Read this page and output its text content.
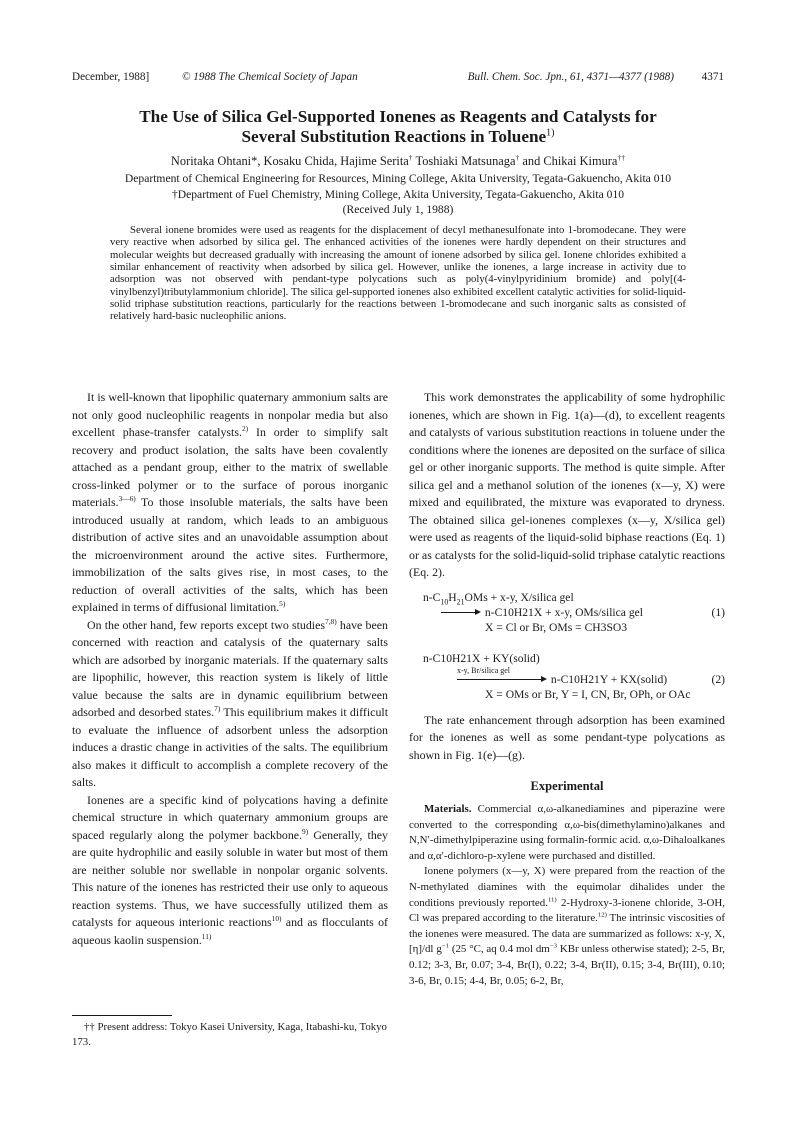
December, 1988]	© 1988 The Chemical Society of Japan	Bull. Chem. Soc. Jpn., 61, 4371—4377 (1988) 4371
The Use of Silica Gel-Supported Ionenes as Reagents and Catalysts for
Several Substitution Reactions in Toluene$^{1)}$
Noritaka Ohtani*, Kosaku Chida, Hajime Serita† Toshiaki Matsunaga† and Chikai Kimura††
Department of Chemical Engineering for Resources, Mining College, Akita University, Tegata-Gakuencho, Akita 010
†Department of Fuel Chemistry, Mining College, Akita University, Tegata-Gakuencho, Akita 010
(Received July 1, 1988)

Several ionene bromides were used as reagents for the displacement of decyl methanesulfonate into 1-bromodecane. They were very reactive when adsorbed by silica gel. The enhanced activities of the ionenes were hardly dependent on their structures and molecular weights but decreased gradually with increasing the amount of ionene adsorbed by silica gel. Ionene chlorides exhibited a similar enhancement of reactivity when adsorbed by silica gel. However, unlike the ionenes, a large increase in activity due to adsorption was not observed with pendant-type polycations such as poly(4-vinylpyridinium bromide) and poly[(4-vinylbenzyl)tributylammonium chloride]. The silica gel-supported ionenes also exhibited excellent catalytic activities for solid-liquid-solid triphase substitution reactions, particularly for the reactions between 1-bromodecane and such inorganic salts as consisted of relatively hard-basic nucleophilic anions.

It is well-known that lipophilic quaternary ammonium salts are not only good nucleophilic reagents in nonpolar media but also excellent phase-transfer catalysts.$^{2)}$ In order to simplify salt recovery and product isolation, the salts have been covalently attached as a pendant group, either to the matrix of swellable cross-linked polymer or to the surface of porous inorganic materials.$^{3—6)}$ To those insoluble materials, the salts have been introduced usually at random, which leads to an ambiguous distribution of active sites and an unavoidable assumption about the microenvironment around the active sites. Furthermore, immobilization of the salts gives rise, in most cases, to the reduction of overall activities of the salts, which has been explained in terms of diffusional limitation.$^{5)}$

On the other hand, few reports except two studies$^{7,8)}$ have been concerned with reaction and catalysis of the quaternary salts which are adsorbed by inorganic materials. If the quaternary salts are lipophilic, however, this reaction system is likely of little value because the salts are in dynamic equilibrium between adsorbed and desorbed states.$^{7)}$ This equilibrium makes it difficult to evaluate the influence of adsorbent unless the adsorption induces a drastic change in activities of the salts. The equilibrium also makes it difficult to accomplish a complete recovery of the salts.

Ionenes are a specific kind of polycations having a definite chemical structure in which quaternary ammonium groups are spaced regularly along the polymer backbone.$^{9)}$ Generally, they are quite hydrophilic and easily soluble in water but most of them are neither soluble nor swellable in nonpolar organic solvents. This nature of the ionenes has restricted their use only to aqueous reaction systems. Thus, we have successfully utilized them as catalysts for aqueous interionic reactions$^{10)}$ and as flocculants of aqueous kaolin suspension.$^{11)}$

†† Present address: Tokyo Kasei University, Kaga, Itabashi-ku, Tokyo 173.

This work demonstrates the applicability of some hydrophilic ionenes, which are shown in Fig. 1(a)—(d), to excellent reagents and catalysts of various substitution reactions in toluene under the conditions where the ionenes are deposited on the surface of silica gel or other inorganic supports. The method is quite simple. After silica gel and a methanol solution of the ionenes (x—y, X) were mixed and equilibrated, the mixture was evaporated to dryness. The obtained silica gel-ionenes complexes (x—y, X/silica gel) were used as reagents of the liquid-solid biphase reactions (Eq. 1) or as catalysts for the solid-liquid-solid triphase catalytic reactions (Eq. 2).

$n-C_{10}H_{21}OMs + x-y$, X/silica gel
→ n-C10H21X + x-y, OMs/silica gel	(1)
X = Cl or Br, OMs = CH3SO3
n-C10H21X + KY(solid)
x-y, Br/silica gel
n-C10H21Y + KX(solid)	(2)
X = OMs or Br, Y = I, CN, Br, OPh, or OAc

The rate enhancement through adsorption has been examined for the ionenes as well as some pendant-type polycations as shown in Fig. 1(e)—(g).

Experimental

Materials. Commercial α,ω-alkanediamines and piperazine were converted to the corresponding α,ω-bis(dimethylamino)alkanes and N,N′-dimethylpiperazine using formalin-formic acid. α,ω-Dihaloalkanes and α,α′-dichloro-p-xylene were purchased and distilled.

Ionene polymers (x—y, X) were prepared from the reaction of the N-methylated diamines with the equimolar dihalides under the conditions previously reported.$^{11)}$ 2-Hydroxy-3-ionene chloride, 3-OH, Cl was prepared according to the literature.$^{12)}$ The intrinsic viscosities of the ionenes were measured. The data are summarized as follows: x-y, X, [η]/dl $g^{-1}$ (25 °C, aq 0.4 mol $dm^{-3}$ KBr unless otherwise stated); 2-5, Br, 0.12; 3-3, Br, 0.07; 3-4, Br(I), 0.22; 3-4, Br(II), 0.15; 3-4, Br(III), 0.10; 3-6, Br, 0.15; 4-4, Br, 0.05; 6-2, Br,
